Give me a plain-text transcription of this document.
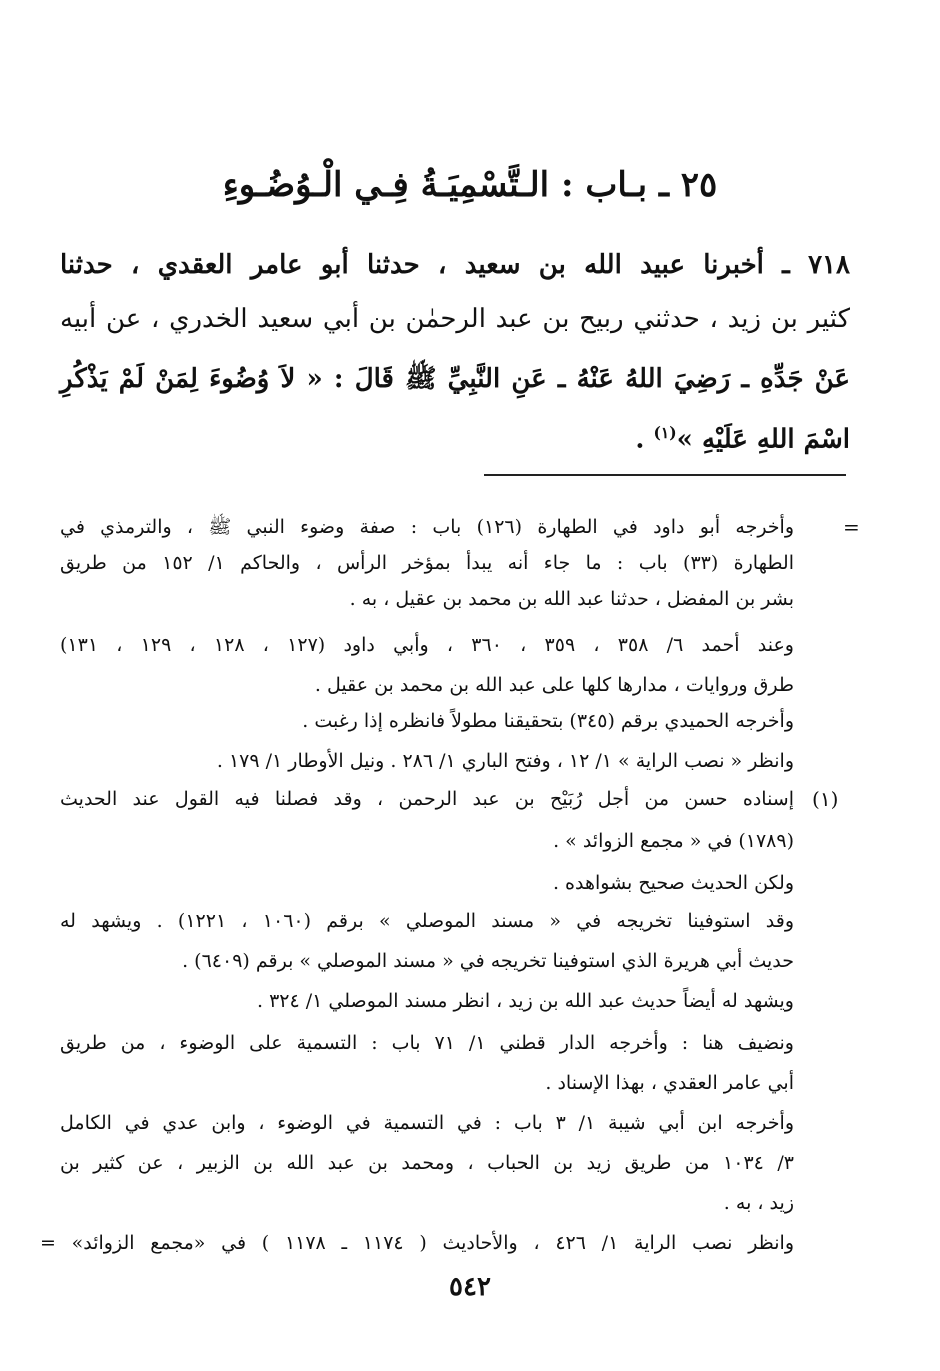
٢٥ ـ بـاب : الـتَّسْمِيَـةُ فِـي الْـوُضُـوءِ
٧١٨ ـ أخبرنا عبيد الله بن سعيد ، حدثنا أبو عامر العقدي ، حدثنا
كثير بن زيد ، حدثني ربيح بن عبد الرحمٰن بن أبي سعيد الخدري ، عن أبيه
عَنْ جَدِّهِ ـ رَضِيَ اللهُ عَنْهُ ـ عَنِ النَّبِيِّ ﷺ قَالَ : « لاَ وُضُوءَ لِمَنْ لَمْ يَذْكُرِ
اسْمَ اللهِ عَلَيْهِ »$^{(١)}$ .
=
(١)
وأخرجه أبو داود في الطهارة (١٢٦) باب : صفة وضوء النبي ﷺ ، والترمذي في
الطهارة (٣٣) باب : ما جاء أنه يبدأ بمؤخر الرأس ، والحاكم ١/ ١٥٢ من طريق
بشر بن المفضل ، حدثنا عبد الله بن محمد بن عقيل ، به .
وعند أحمد ٦/ ٣٥٨ ، ٣٥٩ ، ٣٦٠ ، وأبي داود (١٢٧ ، ١٢٨ ، ١٢٩ ، ١٣١)
طرق وروايات ، مدارها كلها على عبد الله بن محمد بن عقيل .
وأخرجه الحميدي برقم (٣٤٥) بتحقيقنا مطولاً فانظره إذا رغبت .
وانظر « نصب الراية » ١/ ١٢ ، وفتح الباري ١/ ٢٨٦ . ونيل الأوطار ١/ ١٧٩ .
إسناده حسن من أجل رُبَيْح بن عبد الرحمن ، وقد فصلنا فيه القول عند الحديث
(١٧٨٩) في « مجمع الزوائد » .
ولكن الحديث صحيح بشواهده .
وقد استوفينا تخريجه في « مسند الموصلي » برقم (١٠٦٠ ، ١٢٢١) . ويشهد له
حديث أبي هريرة الذي استوفينا تخريجه في « مسند الموصلي » برقم (٦٤٠٩) .
ويشهد له أيضاً حديث عبد الله بن زيد ، انظر مسند الموصلي ١/ ٣٢٤ .
ونضيف هنا : وأخرجه الدار قطني ١/ ٧١ باب : التسمية على الوضوء ، من طريق
أبي عامر العقدي ، بهذا الإسناد .
وأخرجه ابن أبي شيبة ١/ ٣ باب : في التسمية في الوضوء ، وابن عدي في الكامل
٣/ ١٠٣٤ من طريق زيد بن الحباب ، ومحمد بن عبد الله بن الزبير ، عن كثير بن
زيد ، به .
وانظر نصب الراية ١/ ٤٢٦ ، والأحاديث ( ١١٧٤ ـ ١١٧٨ ) في «مجمع الزوائد» =
٥٤٢
